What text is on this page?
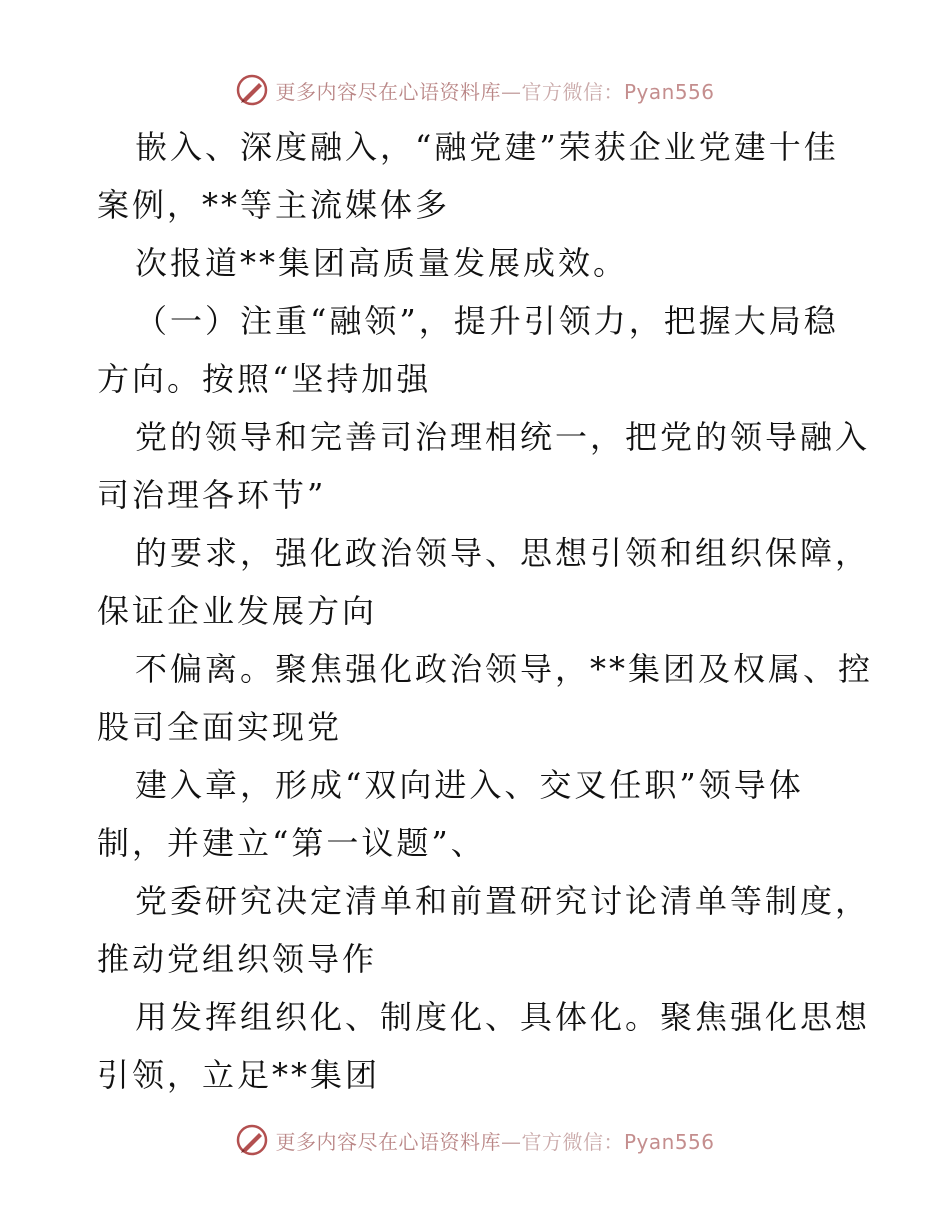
更多内容尽在心语资料库—官方微信：Pyan556

嵌入、深度融入，“融党建”荣获企业党建十佳

案例，**等主流媒体多

次报道**集团高质量发展成效。

（一）注重“融领”，提升引领力，把握大局稳

方向。按照“坚持加强

党的领导和完善司治理相统一，把党的领导融入

司治理各环节”

的要求，强化政治领导、思想引领和组织保障，

保证企业发展方向

不偏离。聚焦强化政治领导，**集团及权属、控

股司全面实现党

建入章，形成“双向进入、交叉任职”领导体

制，并建立“第一议题”、

党委研究决定清单和前置研究讨论清单等制度，

推动党组织领导作

用发挥组织化、制度化、具体化。聚焦强化思想

引领，立足**集团

更多内容尽在心语资料库—官方微信：Pyan556
